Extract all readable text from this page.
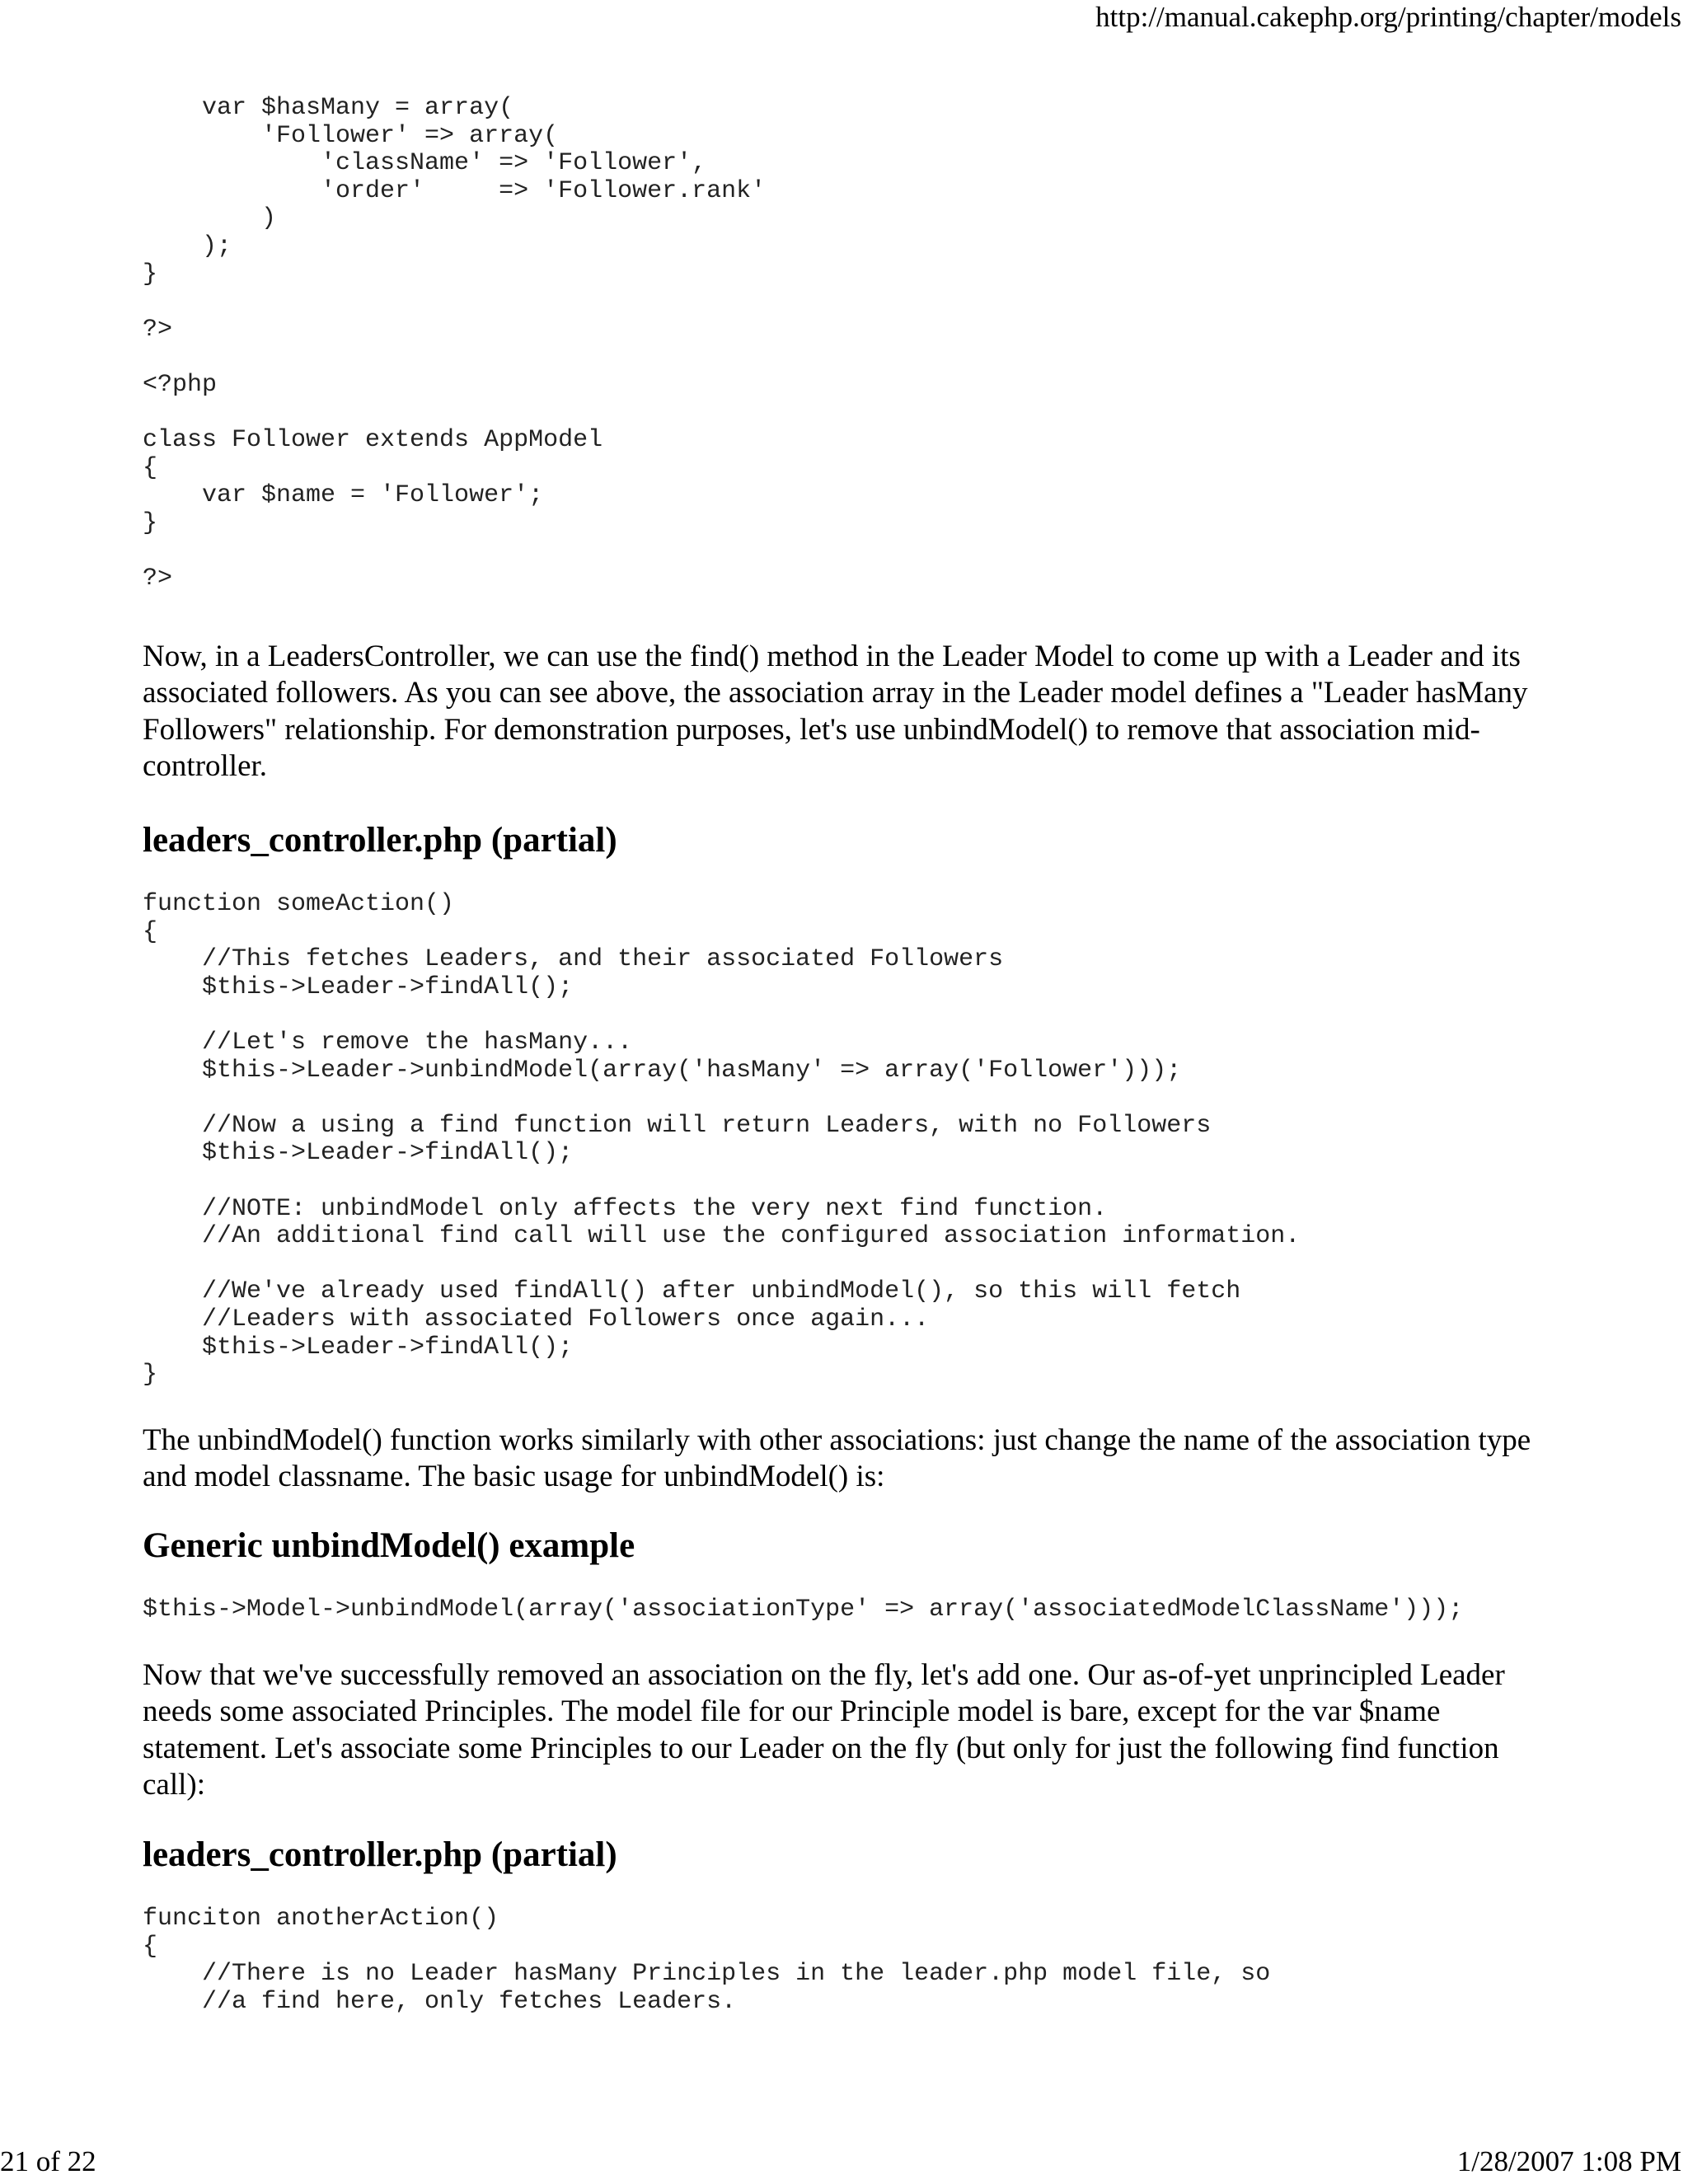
http://manual.cakephp.org/printing/chapter/models
var $hasMany = array(
'Follower' => array(
'className' => 'Follower',
'order'     => 'Follower.rank'
)
);
}

?>

<?php

class Follower extends AppModel
{
var $name = 'Follower';
}

?>

Now, in a LeadersController, we can use the find() method in the Leader Model to come up with a Leader and its associated followers. As you can see above, the association array in the Leader model defines a "Leader hasMany Followers" relationship. For demonstration purposes, let's use unbindModel() to remove that association mid-controller.

leaders_controller.php (partial)
function someAction()
{
//This fetches Leaders, and their associated Followers
$this->Leader->findAll();

//Let's remove the hasMany...
$this->Leader->unbindModel(array('hasMany' => array('Follower')));

//Now a using a find function will return Leaders, with no Followers
$this->Leader->findAll();

//NOTE: unbindModel only affects the very next find function.
//An additional find call will use the configured association information.

//We've already used findAll() after unbindModel(), so this will fetch
//Leaders with associated Followers once again...
$this->Leader->findAll();
}

The unbindModel() function works similarly with other associations: just change the name of the association type and model classname. The basic usage for unbindModel() is:

Generic unbindModel() example
$this->Model->unbindModel(array('associationType' => array('associatedModelClassName')));

Now that we've successfully removed an association on the fly, let's add one. Our as-of-yet unprincipled Leader needs some associated Principles. The model file for our Principle model is bare, except for the var $name statement. Let's associate some Principles to our Leader on the fly (but only for just the following find function call):

leaders_controller.php (partial)
funciton anotherAction()
{
//There is no Leader hasMany Principles in the leader.php model file, so
//a find here, only fetches Leaders.
21 of 22	1/28/2007 1:08 PM
